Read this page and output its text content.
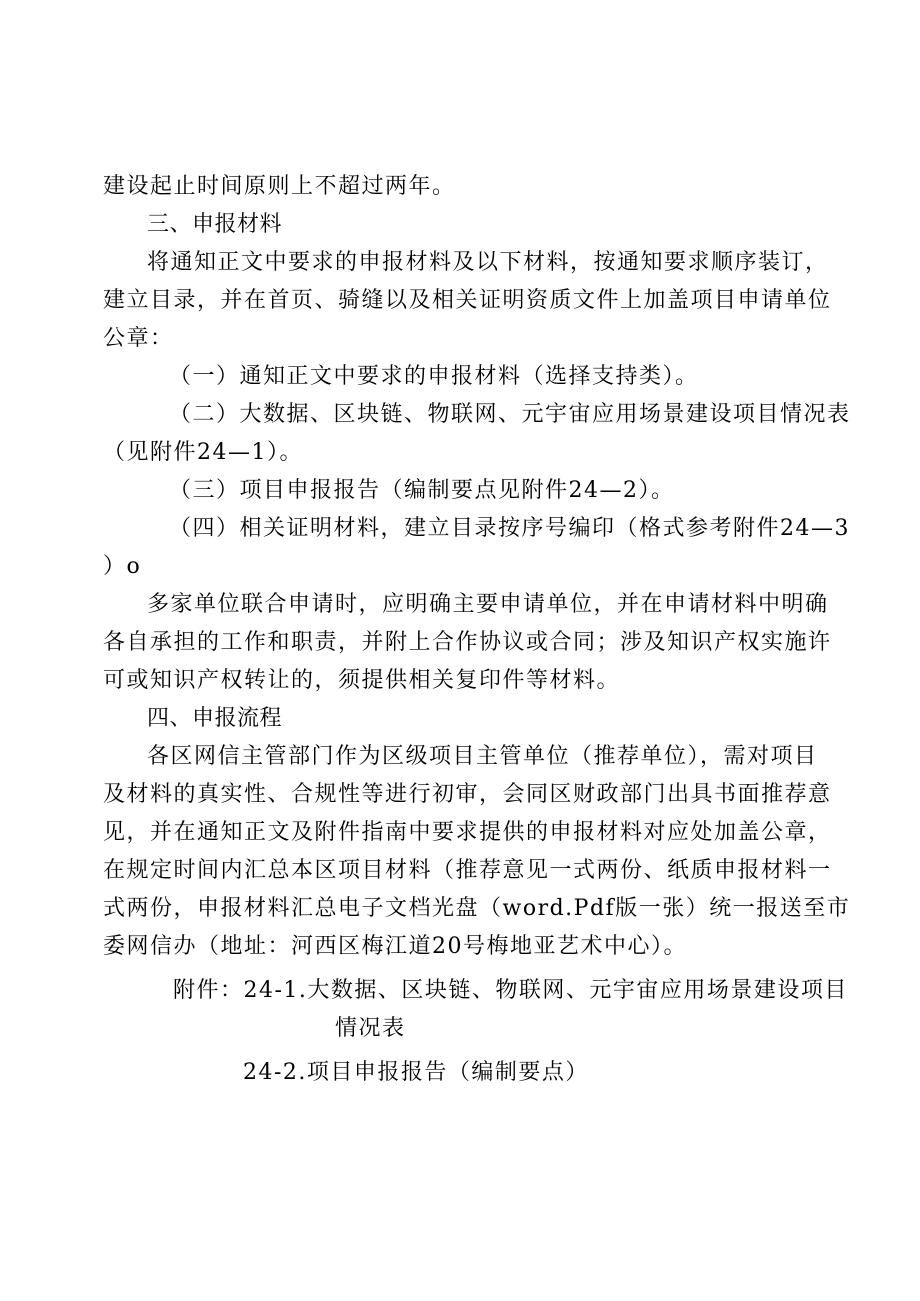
建设起止时间原则上不超过两年。
三、申报材料
将通知正文中要求的申报材料及以下材料，按通知要求顺序装订，
建立目录，并在首页、骑缝以及相关证明资质文件上加盖项目申请单位
公章：
（一）通知正文中要求的申报材料（选择支持类）。
（二）大数据、区块链、物联网、元宇宙应用场景建设项目情况表
（见附件24—1）。
（三）项目申报报告（编制要点见附件24—2）。
（四）相关证明材料，建立目录按序号编印（格式参考附件24—3
）o
多家单位联合申请时，应明确主要申请单位，并在申请材料中明确
各自承担的工作和职责，并附上合作协议或合同；涉及知识产权实施许
可或知识产权转让的，须提供相关复印件等材料。
四、申报流程
各区网信主管部门作为区级项目主管单位（推荐单位），需对项目
及材料的真实性、合规性等进行初审，会同区财政部门出具书面推荐意
见，并在通知正文及附件指南中要求提供的申报材料对应处加盖公章，
在规定时间内汇总本区项目材料（推荐意见一式两份、纸质申报材料一
式两份，申报材料汇总电子文档光盘（word.Pdf版一张）统一报送至市
委网信办（地址：河西区梅江道20号梅地亚艺术中心）。
附件：24-1.大数据、区块链、物联网、元宇宙应用场景建设项目
情况表
24-2.项目申报报告（编制要点）
